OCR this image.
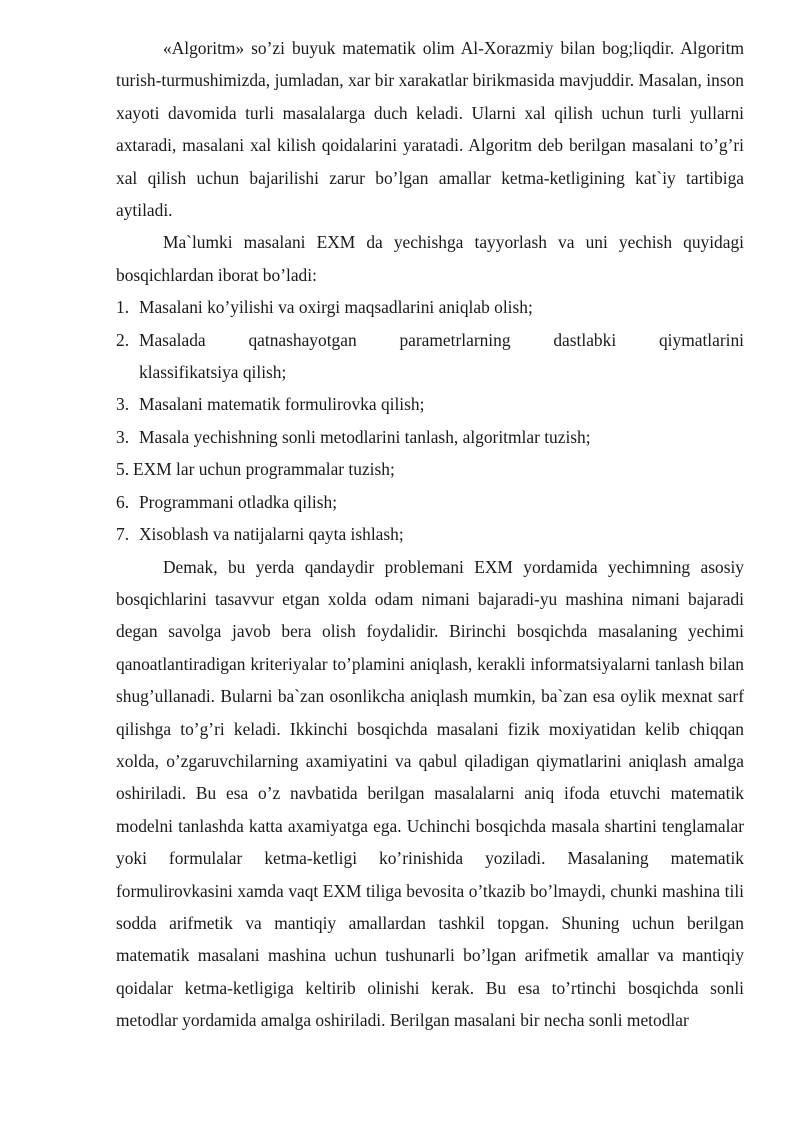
«Algoritm» so’zi buyuk matematik olim Al-Xorazmiy bilan bog;liqdir. Algoritm turish-turmushimizda, jumladan, xar bir xarakatlar birikmasida mavjuddir. Masalan, inson xayoti davomida turli masalalarga duch keladi. Ularni xal qilish uchun turli yullarni axtaradi, masalani xal kilish qoidalarini yaratadi. Algoritm deb berilgan masalani to’g’ri xal qilish uchun bajarilishi zarur bo’lgan amallar ketma-ketligining kat`iy tartibiga aytiladi.

Ma`lumki masalani EXM da yechishga tayyorlash va uni yechish quyidagi bosqichlardan iborat bo’ladi:

1. Masalani ko’yilishi va oxirgi maqsadlarini aniqlab olish;
2. Masalada qatnashayotgan parametrlarning dastlabki qiymatlarini
klassifikatsiya qilish;
3. Masalani matematik formulirovka qilish;
3. Masala yechishning sonli metodlarini tanlash, algoritmlar tuzish;
5. EXM lar uchun programmalar tuzish;
6. Programmani otladka qilish;
7. Xisoblash va natijalarni qayta ishlash;

Demak, bu yerda qandaydir problemani EXM yordamida yechimning asosiy bosqichlarini tasavvur etgan xolda odam nimani bajaradi-yu mashina nimani bajaradi degan savolga javob bera olish foydalidir. Birinchi bosqichda masalaning yechimi qanoatlantiradigan kriteriyalar to’plamini aniqlash, kerakli informatsiyalarni tanlash bilan shug’ullanadi. Bularni ba`zan osonlikcha aniqlash mumkin, ba`zan esa oylik mexnat sarf qilishga to’g’ri keladi. Ikkinchi bosqichda masalani fizik moxiyatidan kelib chiqqan xolda, o’zgaruvchilarning axamiyatini va qabul qiladigan qiymatlarini aniqlash amalga oshiriladi. Bu esa o’z navbatida berilgan masalalarni aniq ifoda etuvchi matematik modelni tanlashda katta axamiyatga ega. Uchinchi bosqichda masala shartini tenglamalar yoki formulalar ketma-ketligi ko’rinishida yoziladi. Masalaning matematik formulirovkasini xamda vaqt EXM tiliga bevosita o’tkazib bo’lmaydi, chunki mashina tili sodda arifmetik va mantiqiy amallardan tashkil topgan. Shuning uchun berilgan matematik masalani mashina uchun tushunarli bo’lgan arifmetik amallar va mantiqiy qoidalar ketma-ketligiga keltirib olinishi kerak. Bu esa to’rtinchi bosqichda sonli metodlar yordamida amalga oshiriladi. Berilgan masalani bir necha sonli metodlar
